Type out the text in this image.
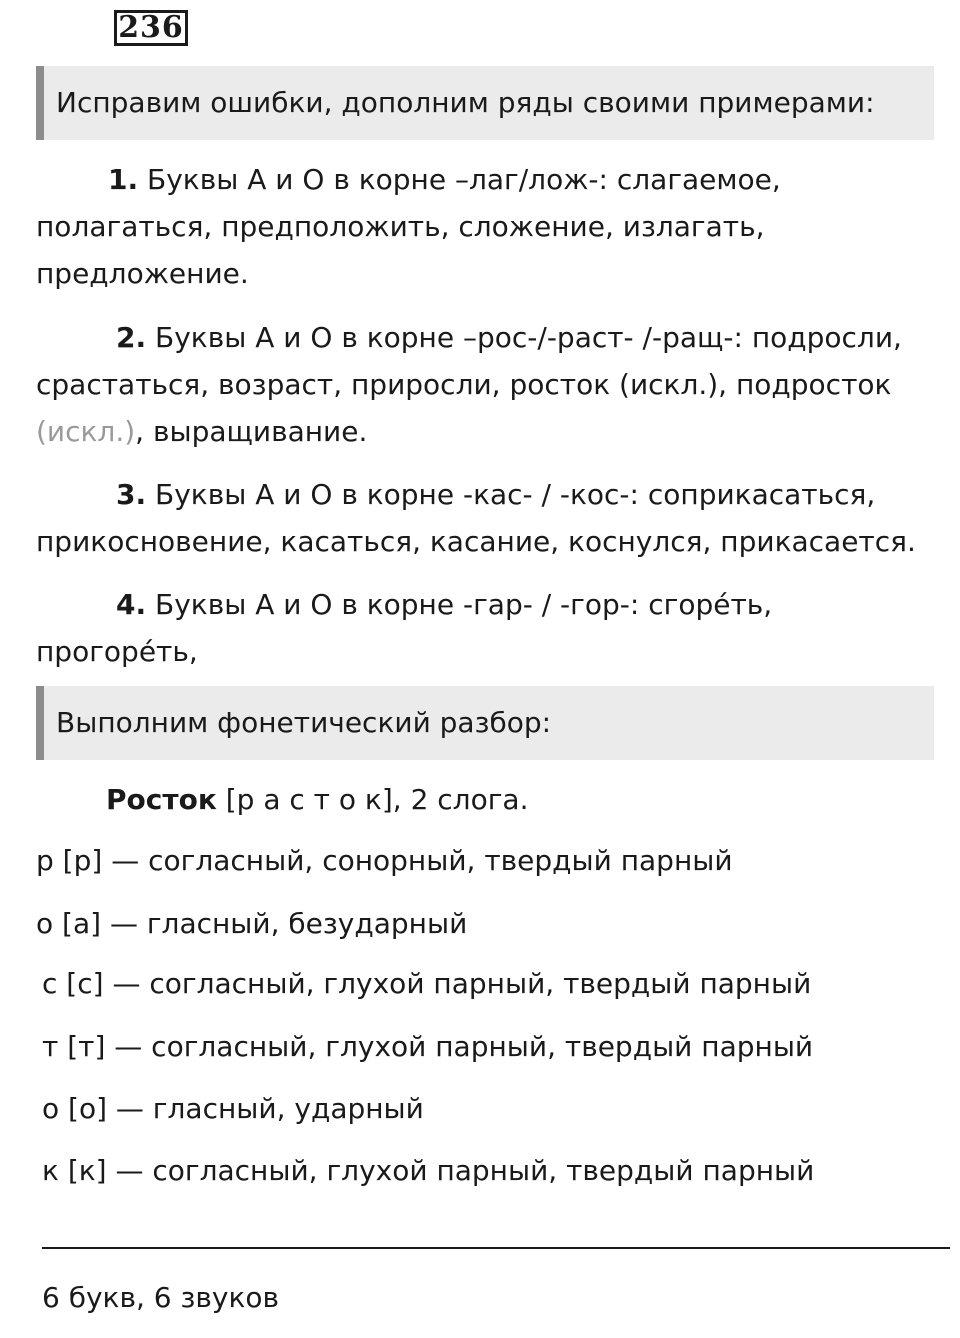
236
Исправим ошибки, дополним ряды своими примерами:
1. Буквы А и О в корне –лаг/лож-: слагаемое,
полагаться, предположить, сложение, излагать,
предложение.
2. Буквы А и О в корне –рос-/-раст- /-ращ-: подросли,
срастаться, возраст, приросли, росток (искл.), подросток
(искл.), выращивание.
3. Буквы А и О в корне -кас- / -кос-: соприкасаться,
прикосновение, касаться, касание, коснулся, прикасается.
4. Буквы А и О в корне -гар- / -гор-: сгорéть, прогорéть,

Выполним фонетический разбор:
Росток [р а с т о к], 2 слога.
р [р] — согласный, сонорный, твердый парный
о [а] — гласный, безударный
с [с] — согласный, глухой парный, твердый парный
т [т] — согласный, глухой парный, твердый парный
о [о] — гласный, ударный
к [к] — согласный, глухой парный, твердый парный
6 букв, 6 звуков
